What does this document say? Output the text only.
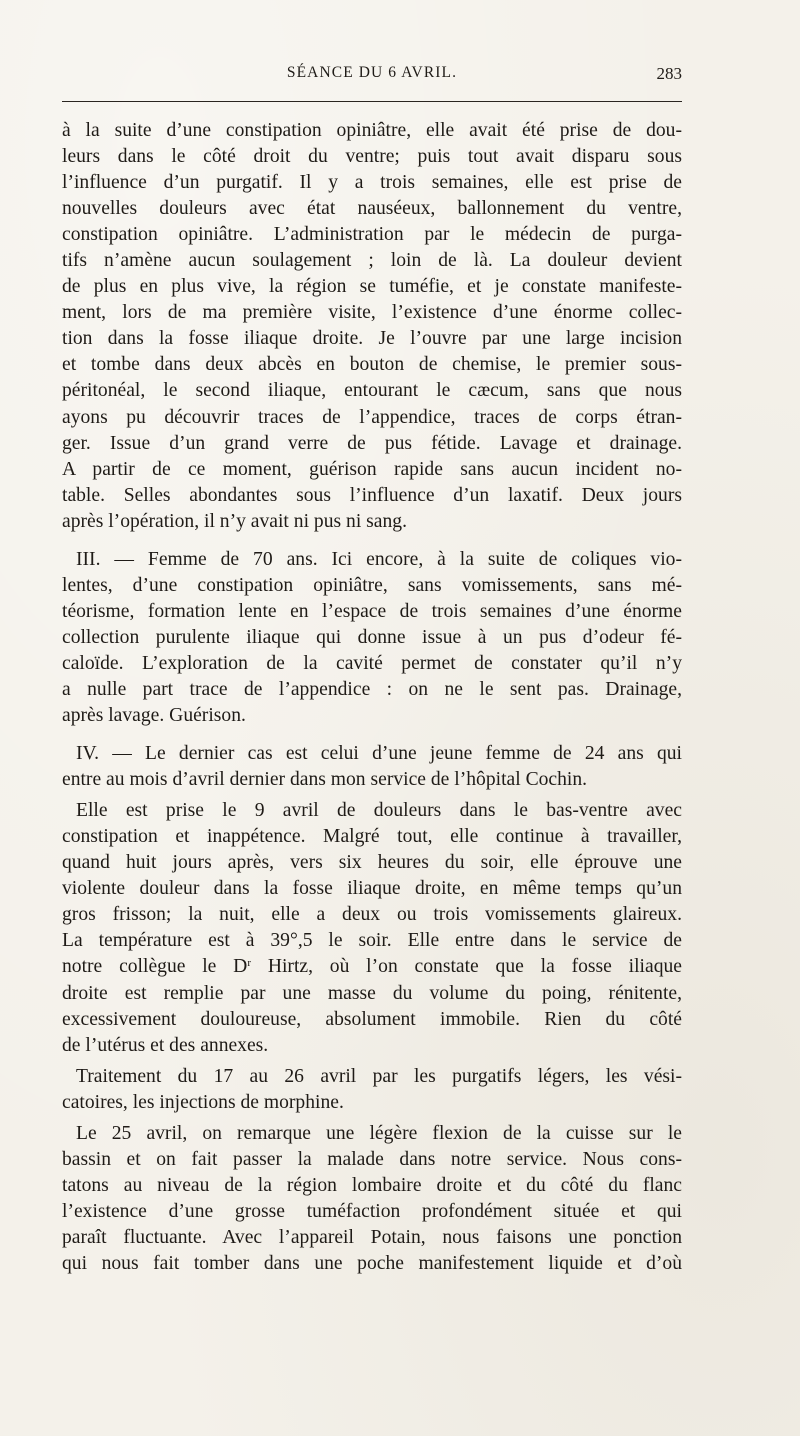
SÉANCE DU 6 AVRIL.	283

à la suite d’une constipation opiniâtre, elle avait été prise de dou-
leurs dans le côté droit du ventre; puis tout avait disparu sous
l’influence d’un purgatif. Il y a trois semaines, elle est prise de
nouvelles douleurs avec état nauséeux, ballonnement du ventre,
constipation opiniâtre. L’administration par le médecin de purga-
tifs n’amène aucun soulagement ; loin de là. La douleur devient
de plus en plus vive, la région se tuméfie, et je constate manifeste-
ment, lors de ma première visite, l’existence d’une énorme collec-
tion dans la fosse iliaque droite. Je l’ouvre par une large incision
et tombe dans deux abcès en bouton de chemise, le premier sous-
péritonéal, le second iliaque, entourant le cæcum, sans que nous
ayons pu découvrir traces de l’appendice, traces de corps étran-
ger. Issue d’un grand verre de pus fétide. Lavage et drainage.
A partir de ce moment, guérison rapide sans aucun incident no-
table. Selles abondantes sous l’influence d’un laxatif. Deux jours
après l’opération, il n’y avait ni pus ni sang.

III. — Femme de 70 ans. Ici encore, à la suite de coliques vio-
lentes, d’une constipation opiniâtre, sans vomissements, sans mé-
téorisme, formation lente en l’espace de trois semaines d’une énorme
collection purulente iliaque qui donne issue à un pus d’odeur fé-
caloïde. L’exploration de la cavité permet de constater qu’il n’y
a nulle part trace de l’appendice : on ne le sent pas. Drainage,
après lavage. Guérison.

IV. — Le dernier cas est celui d’une jeune femme de 24 ans qui
entre au mois d’avril dernier dans mon service de l’hôpital Cochin.

Elle est prise le 9 avril de douleurs dans le bas-ventre avec
constipation et inappétence. Malgré tout, elle continue à travailler,
quand huit jours après, vers six heures du soir, elle éprouve une
violente douleur dans la fosse iliaque droite, en même temps qu’un
gros frisson; la nuit, elle a deux ou trois vomissements glaireux.
La température est à 39°,5 le soir. Elle entre dans le service de
notre collègue le $D^r$ Hirtz, où l’on constate que la fosse iliaque
droite est remplie par une masse du volume du poing, rénitente,
excessivement douloureuse, absolument immobile. Rien du côté
de l’utérus et des annexes.

Traitement du 17 au 26 avril par les purgatifs légers, les vési-
catoires, les injections de morphine.

Le 25 avril, on remarque une légère flexion de la cuisse sur le
bassin et on fait passer la malade dans notre service. Nous cons-
tatons au niveau de la région lombaire droite et du côté du flanc
l’existence d’une grosse tuméfaction profondément située et qui
paraît fluctuante. Avec l’appareil Potain, nous faisons une ponction
qui nous fait tomber dans une poche manifestement liquide et d’où
